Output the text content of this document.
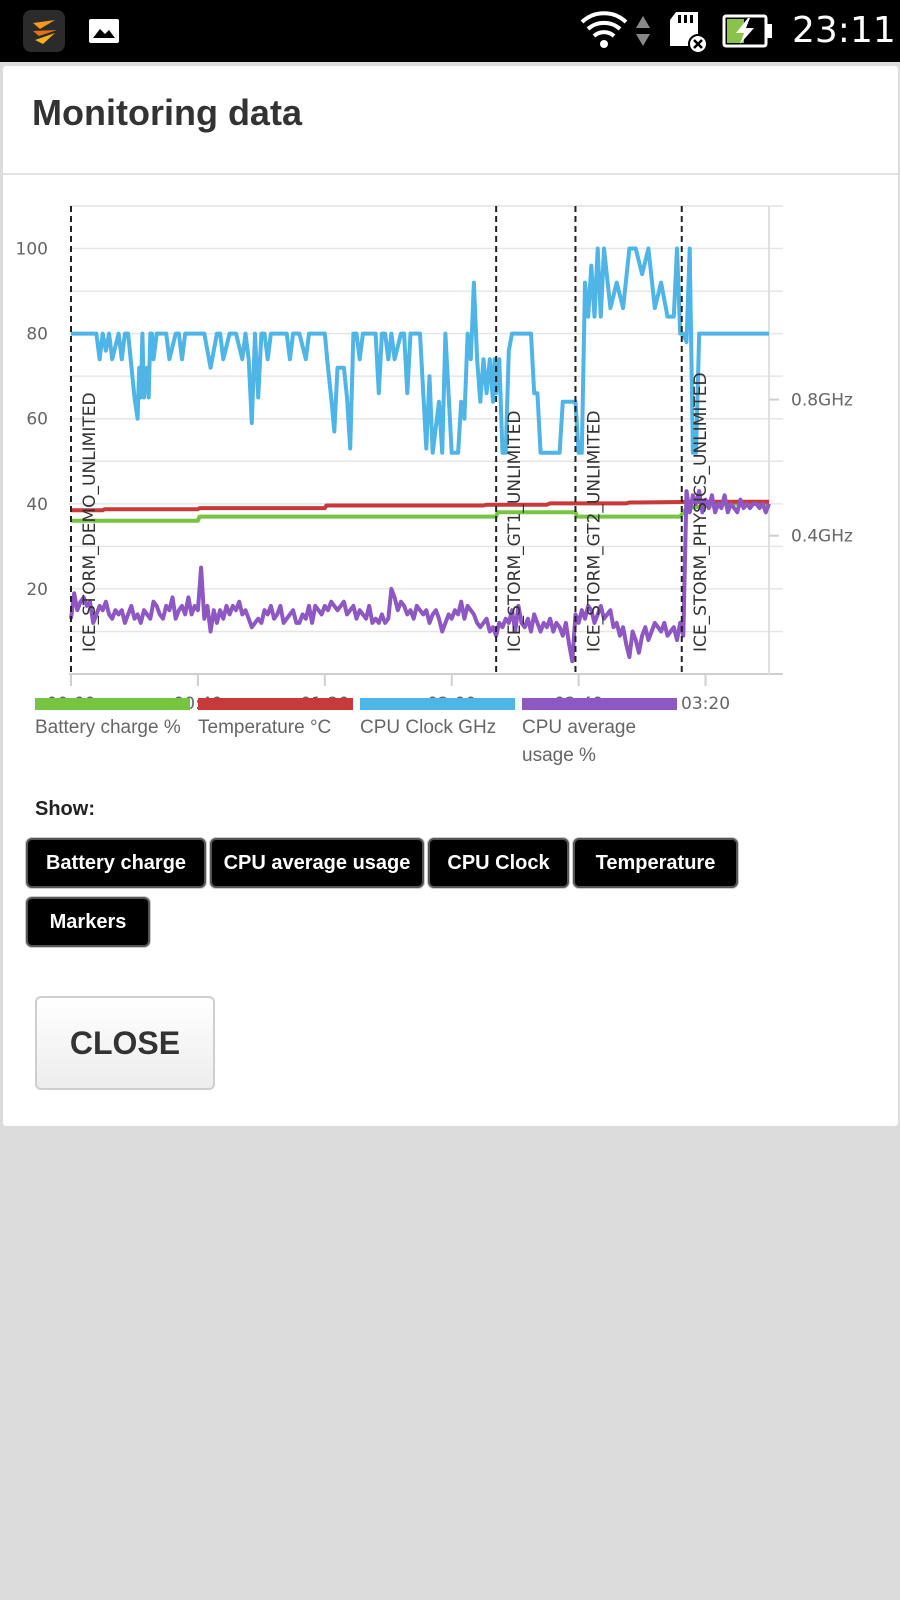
23:11
Monitoring data
20
40
60
80
100
03:20
0.8GHz
0.4GHz
ICE_STORM_DEMO_UNLIMITED	ICE_STORM_GT1_UNLIMITED	ICE_STORM_GT2_UNLIMITED	ICE_STORM_PHYSICS_UNLIMITED
Battery charge % Temperature °C	CPU Clock GHz	CPU average usage %
Show:
Battery charge	CPU average usage	CPU Clock	Temperature
Markers
CLOSE
